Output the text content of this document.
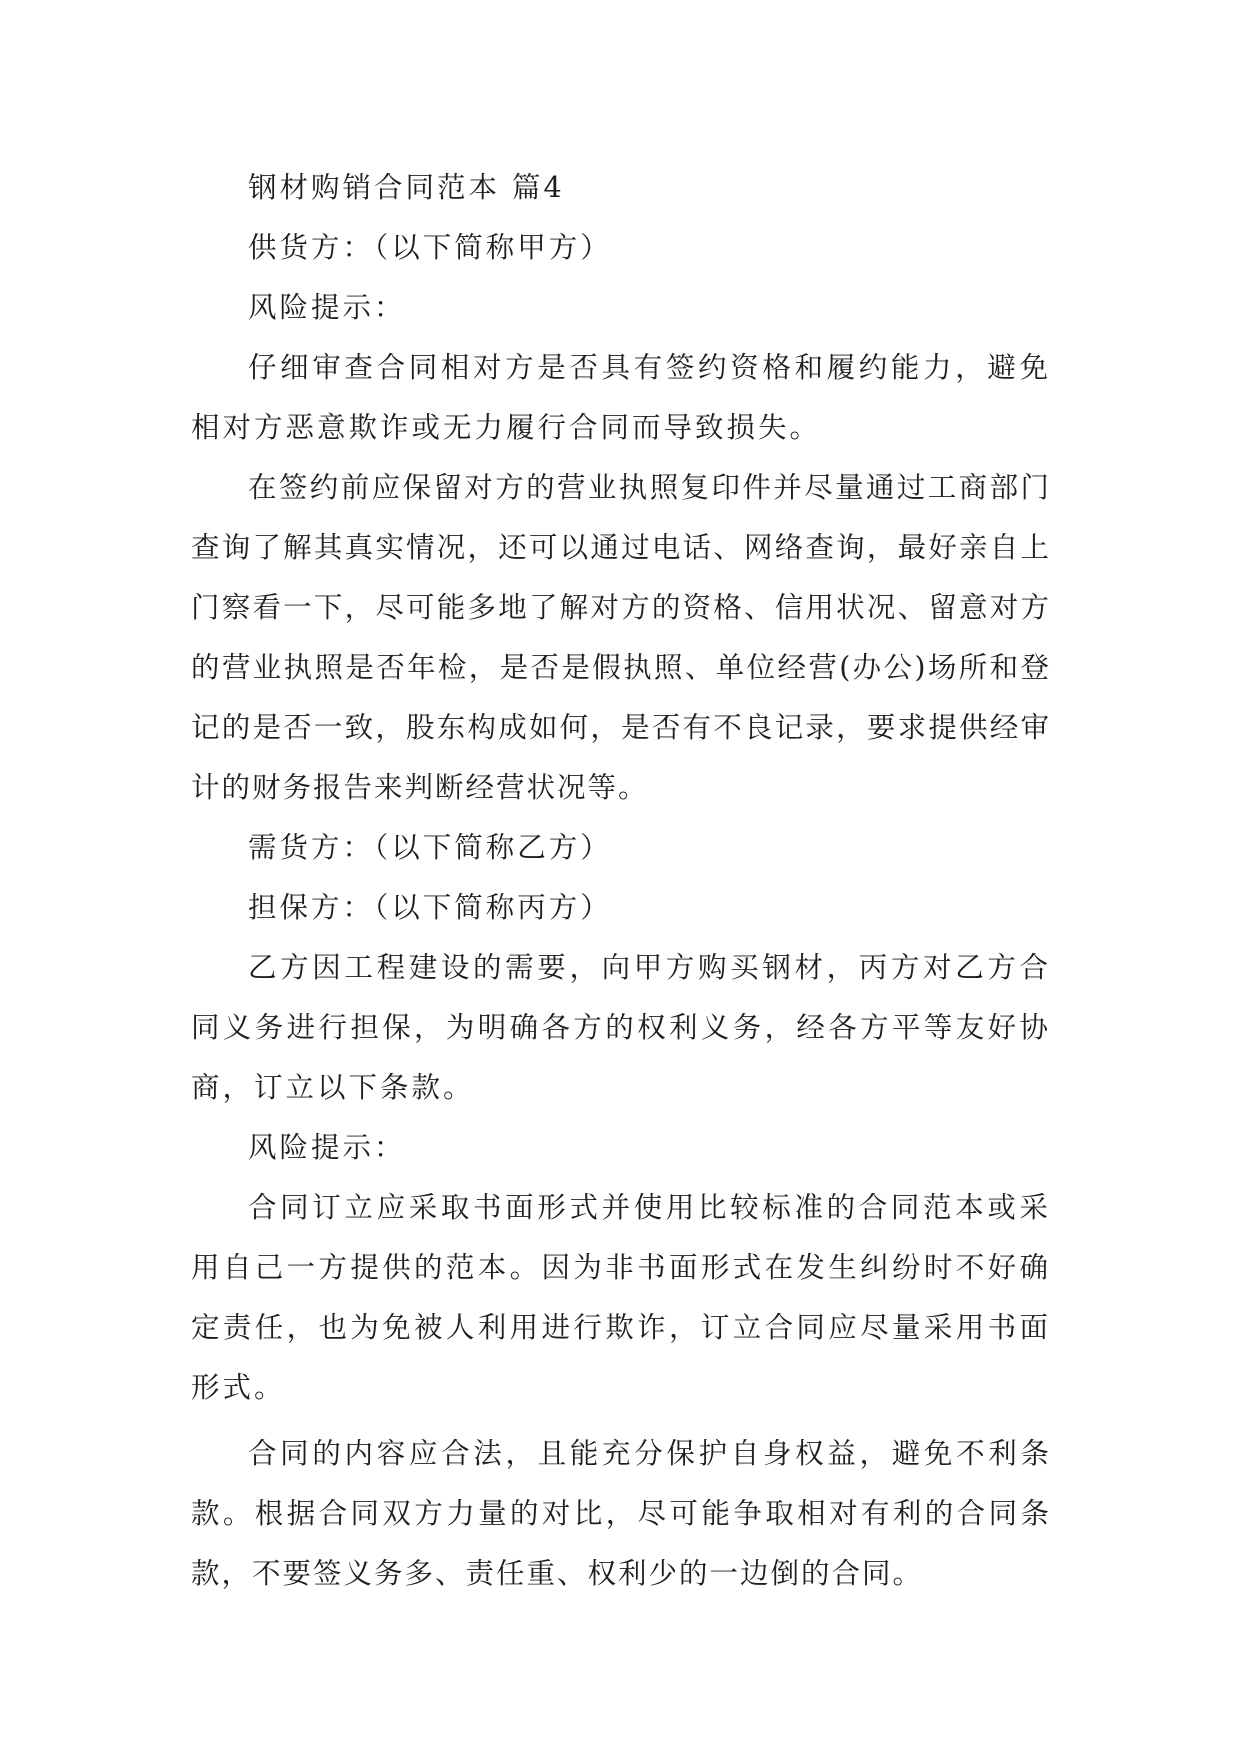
钢材购销合同范本 篇4

供货方：（以下简称甲方）

风险提示：

仔细审查合同相对方是否具有签约资格和履约能力，避免相对方恶意欺诈或无力履行合同而导致损失。

在签约前应保留对方的营业执照复印件并尽量通过工商部门查询了解其真实情况，还可以通过电话、网络查询，最好亲自上门察看一下，尽可能多地了解对方的资格、信用状况、留意对方的营业执照是否年检，是否是假执照、单位经营(办公)场所和登记的是否一致，股东构成如何，是否有不良记录，要求提供经审计的财务报告来判断经营状况等。

需货方：（以下简称乙方）

担保方：（以下简称丙方）

乙方因工程建设的需要，向甲方购买钢材，丙方对乙方合同义务进行担保，为明确各方的权利义务，经各方平等友好协商，订立以下条款。

风险提示：

合同订立应采取书面形式并使用比较标准的合同范本或采用自己一方提供的范本。因为非书面形式在发生纠纷时不好确定责任，也为免被人利用进行欺诈，订立合同应尽量采用书面形式。

合同的内容应合法，且能充分保护自身权益，避免不利条款。根据合同双方力量的对比，尽可能争取相对有利的合同条款，不要签义务多、责任重、权利少的一边倒的合同。
